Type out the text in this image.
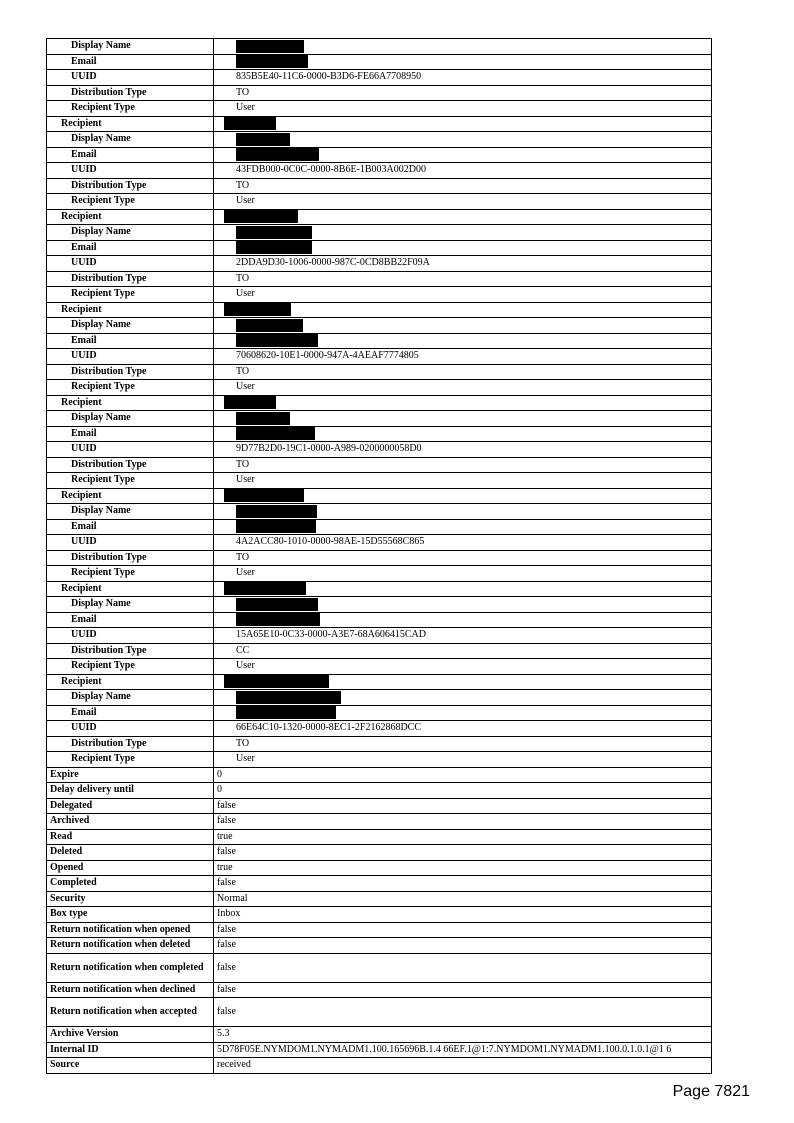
Display Name	
Email	
UUID	835B5E40-11C6-0000-B3D6-FE66A7708950
Distribution Type	TO
Recipient Type	User
Recipient	
Display Name	
Email	
UUID	43FDB000-0C0C-0000-8B6E-1B003A002D00
Distribution Type	TO
Recipient Type	User
Recipient	
Display Name	
Email	
UUID	2DDA9D30-1006-0000-987C-0CD8BB22F09A
Distribution Type	TO
Recipient Type	User
Recipient	
Display Name	
Email	
UUID	70608620-10E1-0000-947A-4AEAF7774805
Distribution Type	TO
Recipient Type	User
Recipient	
Display Name	
Email	
UUID	9D77B2D0-19C1-0000-A989-0200000058D0
Distribution Type	TO
Recipient Type	User
Recipient	
Display Name	
Email	
UUID	4A2ACC80-1010-0000-98AE-15D55568C865
Distribution Type	TO
Recipient Type	User
Recipient	
Display Name	
Email	
UUID	15A65E10-0C33-0000-A3E7-68A606415CAD
Distribution Type	CC
Recipient Type	User
Recipient	
Display Name	
Email	
UUID	66E64C10-1320-0000-8EC1-2F2162868DCC
Distribution Type	TO
Recipient Type	User
Expire	0
Delay delivery until	0
Delegated	false
Archived	false
Read	true
Deleted	false
Opened	true
Completed	false
Security	Normal
Box type	Inbox
Return notification when opened	false
Return notification when deleted	false
Return notification when completed	false
Return notification when declined	false
Return notification when accepted	false
Archive Version	5.3
Internal ID	5D78F05E.NYMDOM1.NYMADM1.100.165696B.1.4 66EF.1@1:7.NYMDOM1.NYMADM1.100.0.1.0.1@1 6
Source	received
Page 7821
